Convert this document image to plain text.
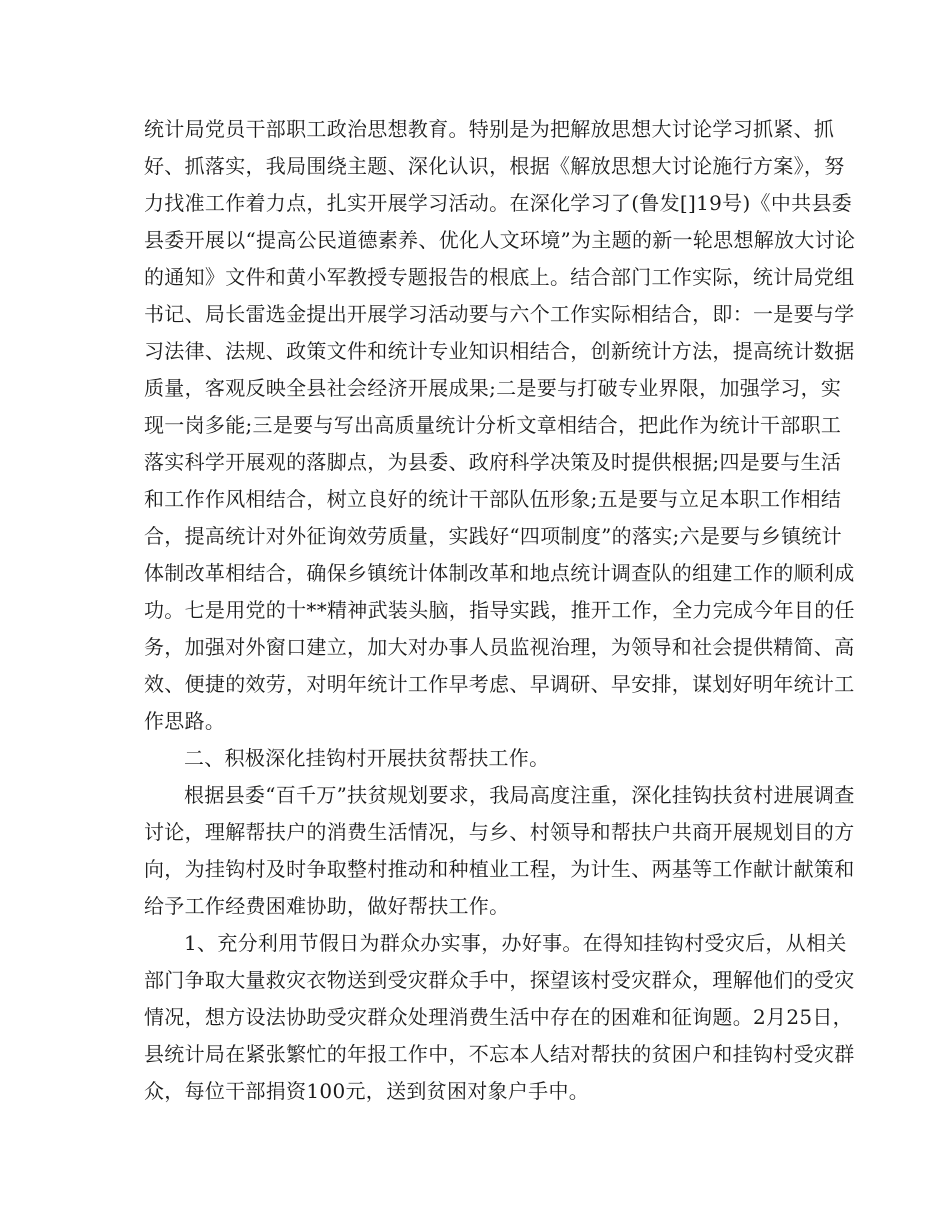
统计局党员干部职工政治思想教育。特别是为把解放思想大讨论学习抓紧、抓
好、抓落实，我局围绕主题、深化认识，根据《解放思想大讨论施行方案》，努
力找准工作着力点，扎实开展学习活动。在深化学习了(鲁发[]19号)《中共县委
县委开展以“提高公民道德素养、优化人文环境”为主题的新一轮思想解放大讨论
的通知》文件和黄小军教授专题报告的根底上。结合部门工作实际，统计局党组
书记、局长雷选金提出开展学习活动要与六个工作实际相结合，即：一是要与学
习法律、法规、政策文件和统计专业知识相结合，创新统计方法，提高统计数据
质量，客观反映全县社会经济开展成果;二是要与打破专业界限，加强学习，实
现一岗多能;三是要与写出高质量统计分析文章相结合，把此作为统计干部职工
落实科学开展观的落脚点，为县委、政府科学决策及时提供根据;四是要与生活
和工作作风相结合，树立良好的统计干部队伍形象;五是要与立足本职工作相结
合，提高统计对外征询效劳质量，实践好“四项制度”的落实;六是要与乡镇统计
体制改革相结合，确保乡镇统计体制改革和地点统计调查队的组建工作的顺利成
功。七是用党的十**精神武装头脑，指导实践，推开工作，全力完成今年目的任
务，加强对外窗口建立，加大对办事人员监视治理，为领导和社会提供精简、高
效、便捷的效劳，对明年统计工作早考虑、早调研、早安排，谋划好明年统计工
作思路。
二、积极深化挂钩村开展扶贫帮扶工作。
根据县委“百千万”扶贫规划要求，我局高度注重，深化挂钩扶贫村进展调查
讨论，理解帮扶户的消费生活情况，与乡、村领导和帮扶户共商开展规划目的方
向，为挂钩村及时争取整村推动和种植业工程，为计生、两基等工作献计献策和
给予工作经费困难协助，做好帮扶工作。
1、充分利用节假日为群众办实事，办好事。在得知挂钩村受灾后，从相关
部门争取大量救灾衣物送到受灾群众手中，探望该村受灾群众，理解他们的受灾
情况，想方设法协助受灾群众处理消费生活中存在的困难和征询题。2月25日，
县统计局在紧张繁忙的年报工作中，不忘本人结对帮扶的贫困户和挂钩村受灾群
众，每位干部捐资100元，送到贫困对象户手中。
